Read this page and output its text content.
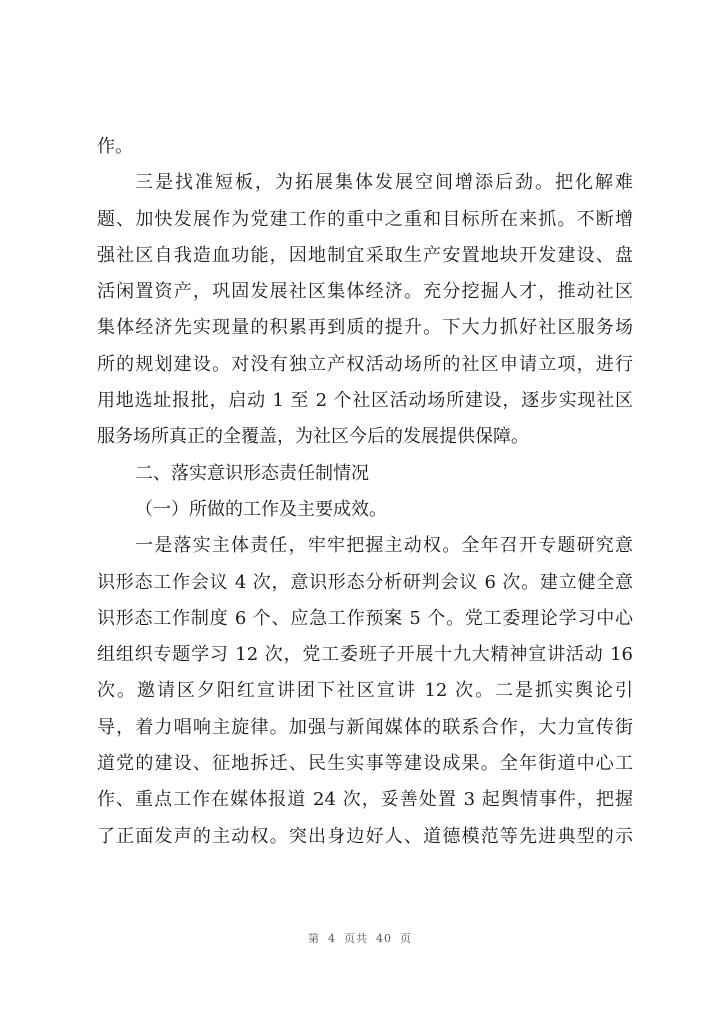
作。
三是找准短板，为拓展集体发展空间增添后劲。把化解难
题、加快发展作为党建工作的重中之重和目标所在来抓。不断增
强社区自我造血功能，因地制宜采取生产安置地块开发建设、盘
活闲置资产，巩固发展社区集体经济。充分挖掘人才，推动社区
集体经济先实现量的积累再到质的提升。下大力抓好社区服务场
所的规划建设。对没有独立产权活动场所的社区申请立项，进行
用地选址报批，启动 1 至 2 个社区活动场所建设，逐步实现社区
服务场所真正的全覆盖，为社区今后的发展提供保障。
二、落实意识形态责任制情况
（一）所做的工作及主要成效。
一是落实主体责任，牢牢把握主动权。全年召开专题研究意
识形态工作会议 4 次，意识形态分析研判会议 6 次。建立健全意
识形态工作制度 6 个、应急工作预案 5 个。党工委理论学习中心
组组织专题学习 12 次，党工委班子开展十九大精神宣讲活动 16
次。邀请区夕阳红宣讲团下社区宣讲 12 次。二是抓实舆论引
导，着力唱响主旋律。加强与新闻媒体的联系合作，大力宣传街
道党的建设、征地拆迁、民生实事等建设成果。全年街道中心工
作、重点工作在媒体报道 24 次，妥善处置 3 起舆情事件，把握
了正面发声的主动权。突出身边好人、道德模范等先进典型的示
第 4 页共 40 页
